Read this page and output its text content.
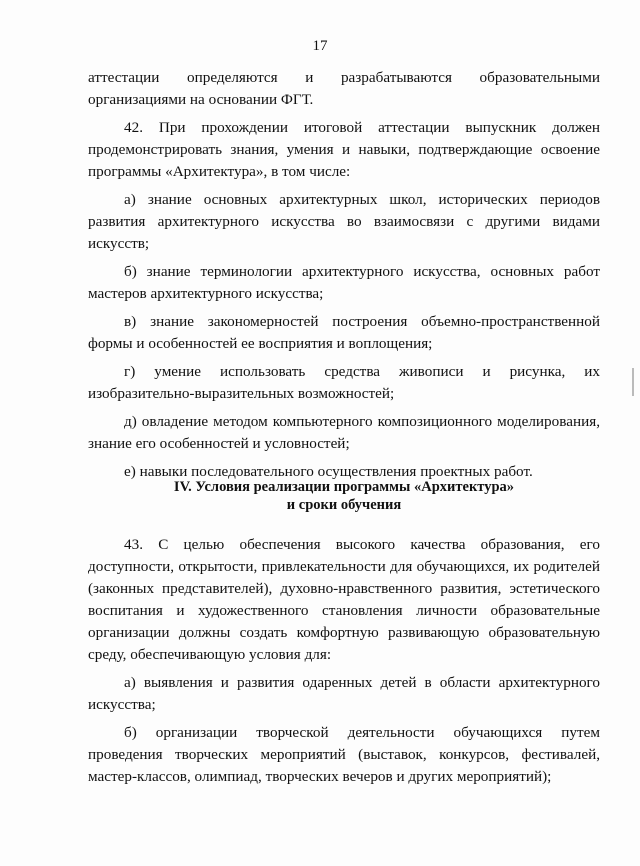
17

аттестации определяются и разрабатываются образовательными организациями на основании ФГТ.

42. При прохождении итоговой аттестации выпускник должен продемонстрировать знания, умения и навыки, подтверждающие освоение программы «Архитектура», в том числе:

а) знание основных архитектурных школ, исторических периодов развития архитектурного искусства во взаимосвязи с другими видами искусств;

б) знание терминологии архитектурного искусства, основных работ мастеров архитектурного искусства;

в) знание закономерностей построения объемно-пространственной формы и особенностей ее восприятия и воплощения;

г) умение использовать средства живописи и рисунка, их изобразительно-выразительных возможностей;

д) овладение методом компьютерного композиционного моделирования, знание его особенностей и условностей;

е) навыки последовательного осуществления проектных работ.

IV. Условия реализации программы «Архитектура»
и сроки обучения

43. С целью обеспечения высокого качества образования, его доступности, открытости, привлекательности для обучающихся, их родителей (законных представителей), духовно-нравственного развития, эстетического воспитания и художественного становления личности образовательные организации должны создать комфортную развивающую образовательную среду, обеспечивающую условия для:

а) выявления и развития одаренных детей в области архитектурного искусства;

б) организации творческой деятельности обучающихся путем проведения творческих мероприятий (выставок, конкурсов, фестивалей, мастер-классов, олимпиад, творческих вечеров и других мероприятий);
